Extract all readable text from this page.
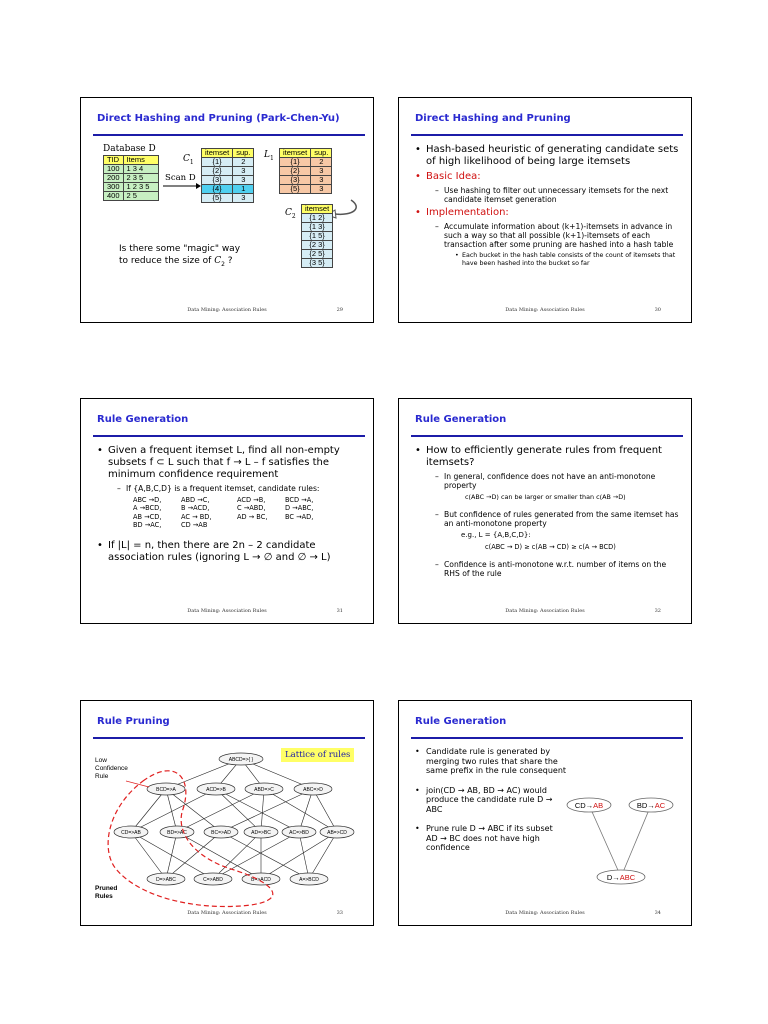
Direct Hashing and Pruning (Park-Chen-Yu)
Database D
TID	Items
100	1 3 4
200	2 3 5
300	1 2 3 5
400	2 5
$C_1$
Scan D
itemset	sup.
{1}	2
{2}	3
{3}	3
{4}	1
{5}	3
$L_1$
itemset	sup.
{1}	2
{2}	3
{3}	3
{5}	3
$C_2$
itemset
{1 2}
{1 3}
{1 5}
{2 3}
{2 5}
{3 5}
Is there some "magic" way
to reduce the size of $C_2$ ?
Data Mining: Association Rules	29
Direct Hashing and Pruning
• Hash-based heuristic of generating candidate sets of high likelihood of being large itemsets
• Basic Idea:
– Use hashing to filter out unnecessary itemsets for the next candidate itemset generation
• Implementation:
– Accumulate information about (k+1)-itemsets in advance in such a way so that all possible (k+1)-itemsets of each transaction after some pruning are hashed into a hash table
• Each bucket in the hash table consists of the count of itemsets that have been hashed into the bucket so far
Data Mining: Association Rules	30
Rule Generation
• Given a frequent itemset L, find all non-empty subsets f ⊂ L such that f → L – f satisfies the minimum confidence requirement
– If {A,B,C,D} is a frequent itemset, candidate rules:
ABC →D,	ABD →C,	ACD →B,	BCD →A,
A →BCD,	B →ACD,	C →ABD,	D →ABC,
AB →CD,	AC → BD,	AD → BC,	BC →AD,
BD →AC,	CD →AB
• If |L| = n, then there are 2n – 2 candidate association rules (ignoring L → ∅ and ∅ → L)
Data Mining: Association Rules	31
Rule Generation
• How to efficiently generate rules from frequent itemsets?
– In general, confidence does not have an anti-monotone property
c(ABC →D) can be larger or smaller than c(AB →D)
– But confidence of rules generated from the same itemset has an anti-monotone property
e.g., L = {A,B,C,D}:
c(ABC → D) ≥ c(AB → CD) ≥ c(A → BCD)
– Confidence is anti-monotone w.r.t. number of items on the RHS of the rule
Data Mining: Association Rules	32
Rule Pruning
Lattice of rules
Low
Confidence
Rule
Pruned
Rules
ABCD=>{ }
BCD=>A	ACD=>B	ABD=>C	ABC=>D
CD=>AB	BD=>AC	BC=>AD	AD=>BC	AC=>BD	AB=>CD
D=>ABC	C=>ABD	B=>ACD	A=>BCD
Data Mining: Association Rules	33
Rule Generation
• Candidate rule is generated by merging two rules that share the same prefix in the rule consequent
• join(CD → AB, BD → AC) would produce the candidate rule D → ABC
• Prune rule D → ABC if its subset AD → BC does not have high confidence
CD→AB	BD→AC
D→ABC
Data Mining: Association Rules	34
